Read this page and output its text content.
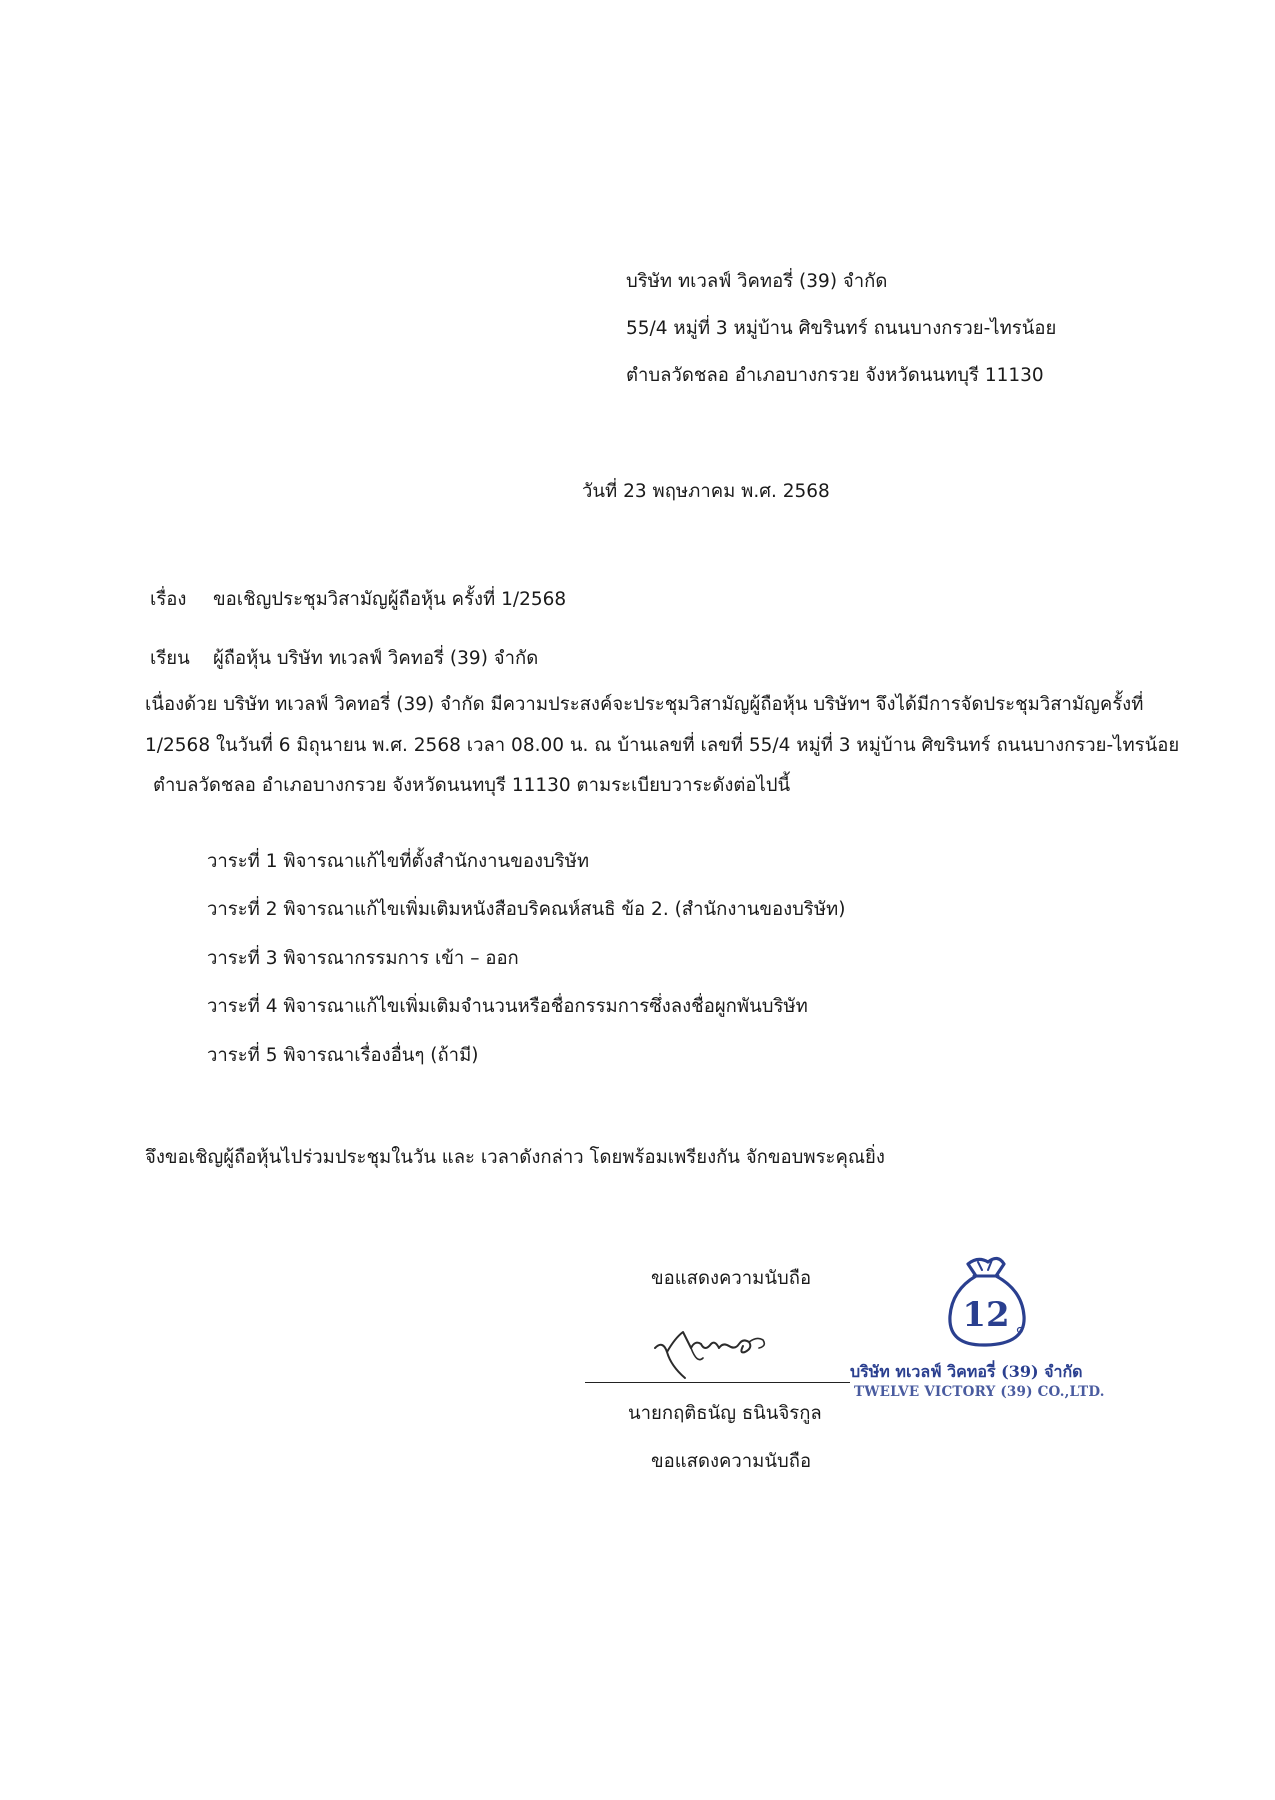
บริษัท ทเวลฟ์ วิคทอรี่ (39) จำกัด
55/4 หมู่ที่ 3 หมู่บ้าน ศิขรินทร์ ถนนบางกรวย-ไทรน้อย
ตำบลวัดชลอ อำเภอบางกรวย จังหวัดนนทบุรี 11130
วันที่ 23 พฤษภาคม พ.ศ. 2568
เรื่อง ขอเชิญประชุมวิสามัญผู้ถือหุ้น ครั้งที่ 1/2568
เรียน ผู้ถือหุ้น บริษัท ทเวลฟ์ วิคทอรี่ (39) จำกัด
เนื่องด้วย บริษัท ทเวลฟ์ วิคทอรี่ (39) จำกัด มีความประสงค์จะประชุมวิสามัญผู้ถือหุ้น บริษัทฯ จึงได้มีการจัดประชุมวิสามัญครั้งที่
1/2568 ในวันที่ 6 มิถุนายน พ.ศ. 2568 เวลา 08.00 น. ณ บ้านเลขที่ เลขที่ 55/4 หมู่ที่ 3 หมู่บ้าน ศิขรินทร์ ถนนบางกรวย-ไทรน้อย
ตำบลวัดชลอ อำเภอบางกรวย จังหวัดนนทบุรี 11130 ตามระเบียบวาระดังต่อไปนี้
วาระที่ 1 พิจารณาแก้ไขที่ตั้งสำนักงานของบริษัท
วาระที่ 2 พิจารณาแก้ไขเพิ่มเติมหนังสือบริคณห์สนธิ ข้อ 2. (สำนักงานของบริษัท)
วาระที่ 3 พิจารณากรรมการ เข้า – ออก
วาระที่ 4 พิจารณาแก้ไขเพิ่มเติมจำนวนหรือชื่อกรรมการซึ่งลงชื่อผูกพันบริษัท
วาระที่ 5 พิจารณาเรื่องอื่นๆ (ถ้ามี)
จึงขอเชิญผู้ถือหุ้นไปร่วมประชุมในวัน และ เวลาดังกล่าว โดยพร้อมเพรียงกัน จักขอบพระคุณยิ่ง
ขอแสดงความนับถือ
นายกฤติธนัญ ธนินจิรกูล
ขอแสดงความนับถือ
12
บริษัท ทเวลฟ์ วิคทอรี่ (39) จำกัด
TWELVE VICTORY (39) CO.,LTD.
